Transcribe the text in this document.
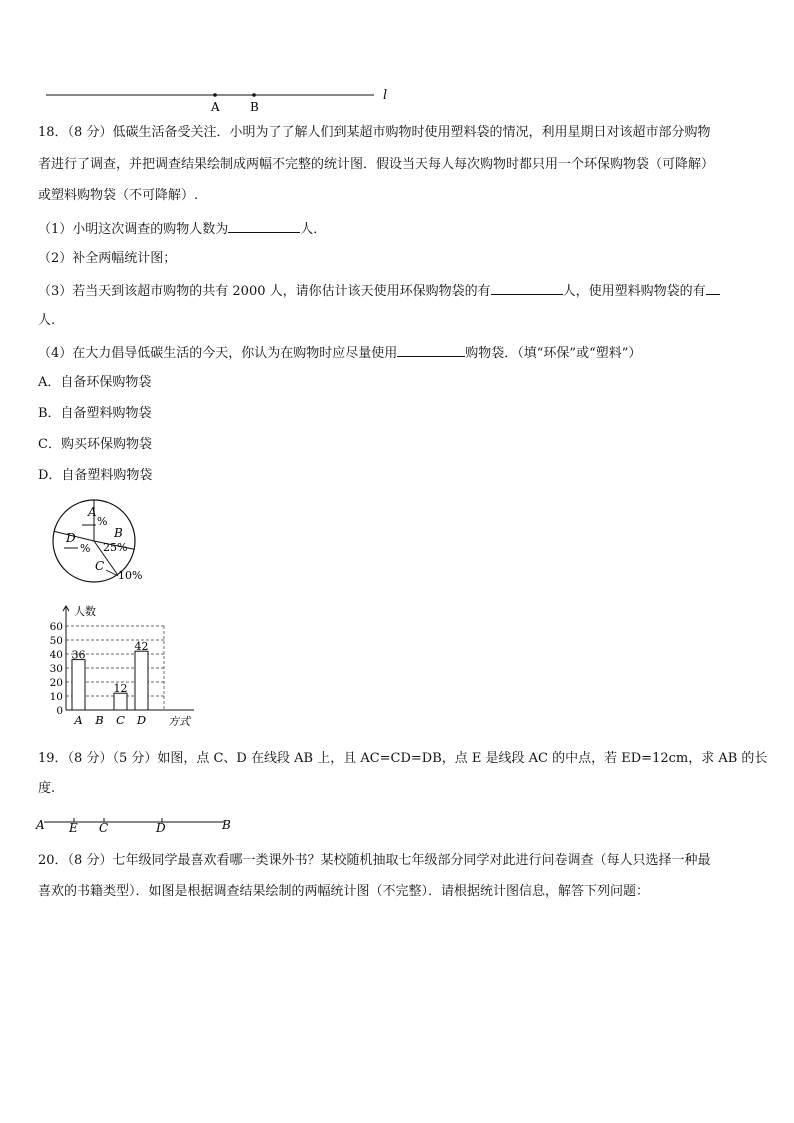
A	B
l
18．（8 分）低碳生活备受关注．小明为了了解人们到某超市购物时使用塑料袋的情况，利用星期日对该超市部分购物
者进行了调查，并把调查结果绘制成两幅不完整的统计图．假设当天每人每次购物时都只用一个环保购物袋（可降解）
或塑料购物袋（不可降解）.
（1）小明这次调查的购物人数为	人．
（2）补全两幅统计图；
（3）若当天到该超市购物的共有 2000 人，请你估计该天使用环保购物袋的有	人，使用塑料购物袋的有
人.
（4）在大力倡导低碳生活的今天，你认为在购物时应尽量使用	购物袋．（填“环保”或“塑料”）
A．自备环保购物袋
B．自备塑料购物袋
C．购买环保购物袋
D．自备塑料购物袋
A
%
B
25%
D
%
C
10%
0
10
20
30
40
50
60
36
A B
12
C
42
D
人数
方式
19．（8 分）（5 分）如图，点 C、D 在线段 AB 上，且 AC=CD=DB，点 E 是线段 AC 的中点，若 ED=12cm，求 AB 的长
度.
A E C	D	B
20．（8 分）七年级同学最喜欢看哪一类课外书？某校随机抽取七年级部分同学对此进行问卷调查（每人只选择一种最
喜欢的书籍类型）．如图是根据调查结果绘制的两幅统计图（不完整）．请根据统计图信息，解答下列问题：
